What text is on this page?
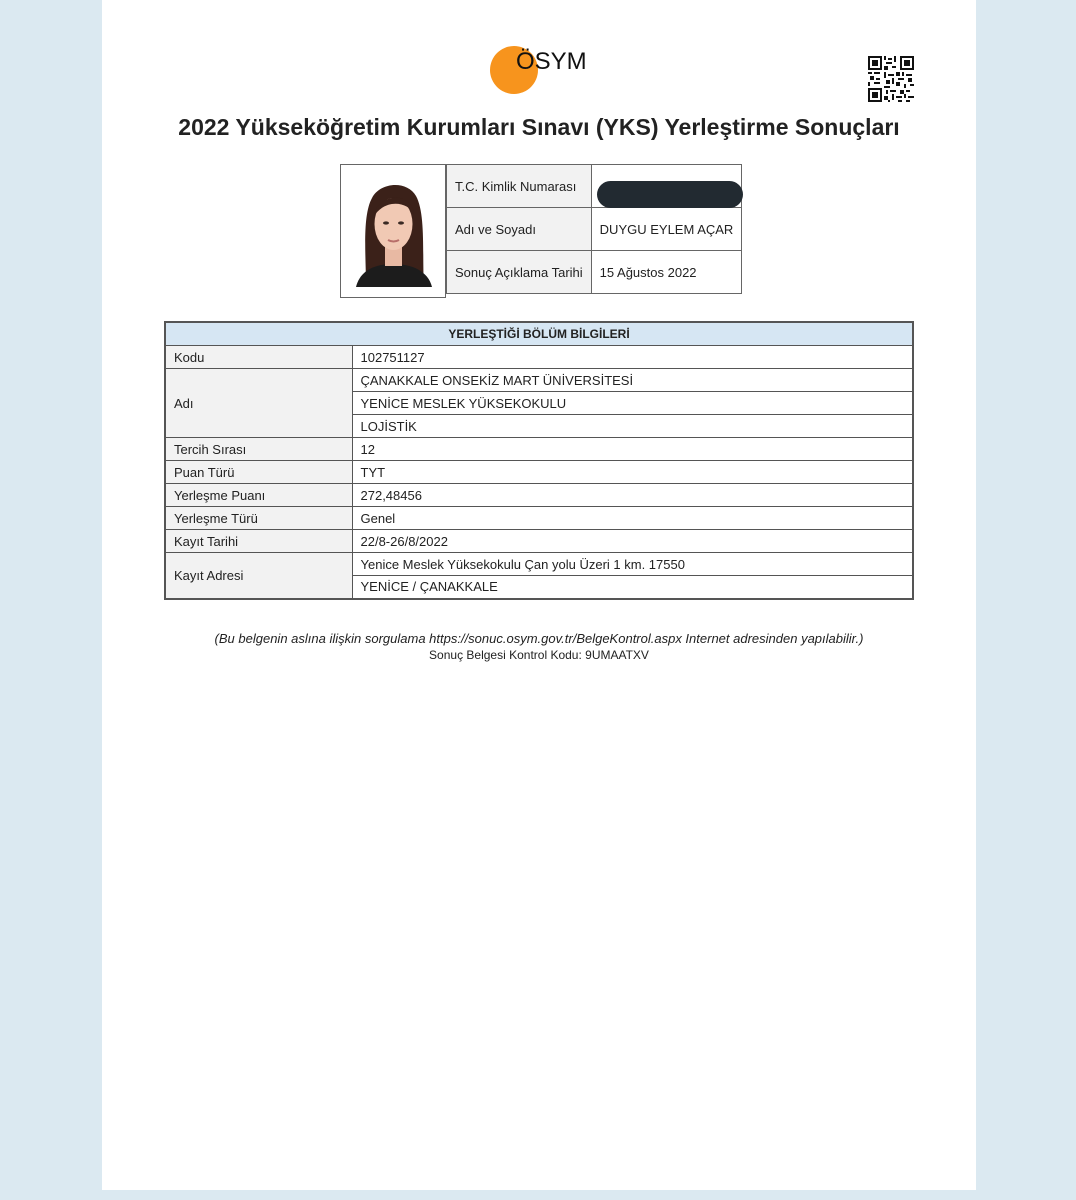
ÖSYM
2022 Yükseköğretim Kurumları Sınavı (YKS) Yerleştirme Sonuçları
T.C. Kimlik Numarası	
Adı ve Soyadı	DUYGU EYLEM AÇAR
Sonuç Açıklama Tarihi	15 Ağustos 2022
YERLEŞTİĞİ BÖLÜM BİLGİLERİ	
Kodu	102751127
Adı	ÇANAKKALE ONSEKİZ MART ÜNİVERSİTESİ
	YENİCE MESLEK YÜKSEKOKULU
	LOJİSTİK
Tercih Sırası	12
Puan Türü	TYT
Yerleşme Puanı	272,48456
Yerleşme Türü	Genel
Kayıt Tarihi	22/8-26/8/2022
Kayıt Adresi	Yenice Meslek Yüksekokulu Çan yolu Üzeri 1 km. 17550
	YENİCE / ÇANAKKALE
(Bu belgenin aslına ilişkin sorgulama https://sonuc.osym.gov.tr/BelgeKontrol.aspx Internet adresinden yapılabilir.)
Sonuç Belgesi Kontrol Kodu: 9UMAATXV
